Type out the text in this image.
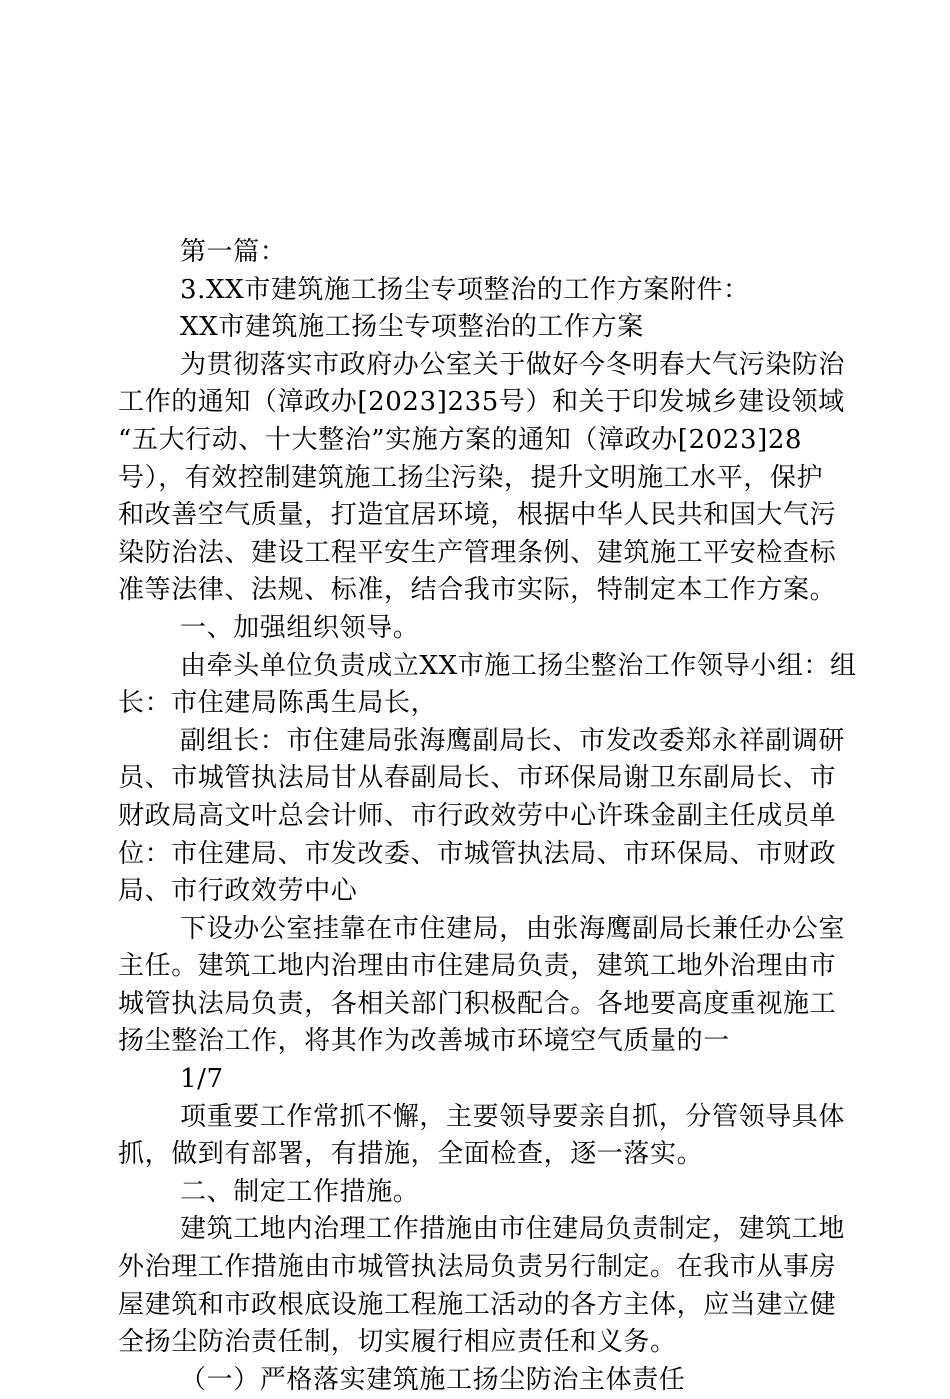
第一篇：

3.XX市建筑施工扬尘专项整治的工作方案附件：

XX市建筑施工扬尘专项整治的工作方案

为贯彻落实市政府办公室关于做好今冬明春大气污染防治

工作的通知（漳政办[2023]235号）和关于印发城乡建设领域

“五大行动、十大整治”实施方案的通知（漳政办[2023]28

号），有效控制建筑施工扬尘污染，提升文明施工水平，保护

和改善空气质量，打造宜居环境，根据中华人民共和国大气污

染防治法、建设工程平安生产管理条例、建筑施工平安检查标

准等法律、法规、标准，结合我市实际，特制定本工作方案。

一、加强组织领导。

由牵头单位负责成立XX市施工扬尘整治工作领导小组：组

长：市住建局陈禹生局长，

副组长：市住建局张海鹰副局长、市发改委郑永祥副调研

员、市城管执法局甘从春副局长、市环保局谢卫东副局长、市

财政局高文叶总会计师、市行政效劳中心许珠金副主任成员单

位：市住建局、市发改委、市城管执法局、市环保局、市财政

局、市行政效劳中心

下设办公室挂靠在市住建局，由张海鹰副局长兼任办公室

主任。建筑工地内治理由市住建局负责，建筑工地外治理由市

城管执法局负责，各相关部门积极配合。各地要高度重视施工

扬尘整治工作，将其作为改善城市环境空气质量的一

1/7

项重要工作常抓不懈，主要领导要亲自抓，分管领导具体

抓，做到有部署，有措施，全面检查，逐一落实。

二、制定工作措施。

建筑工地内治理工作措施由市住建局负责制定，建筑工地

外治理工作措施由市城管执法局负责另行制定。在我市从事房

屋建筑和市政根底设施工程施工活动的各方主体，应当建立健

全扬尘防治责任制，切实履行相应责任和义务。

（一）严格落实建筑施工扬尘防治主体责任
